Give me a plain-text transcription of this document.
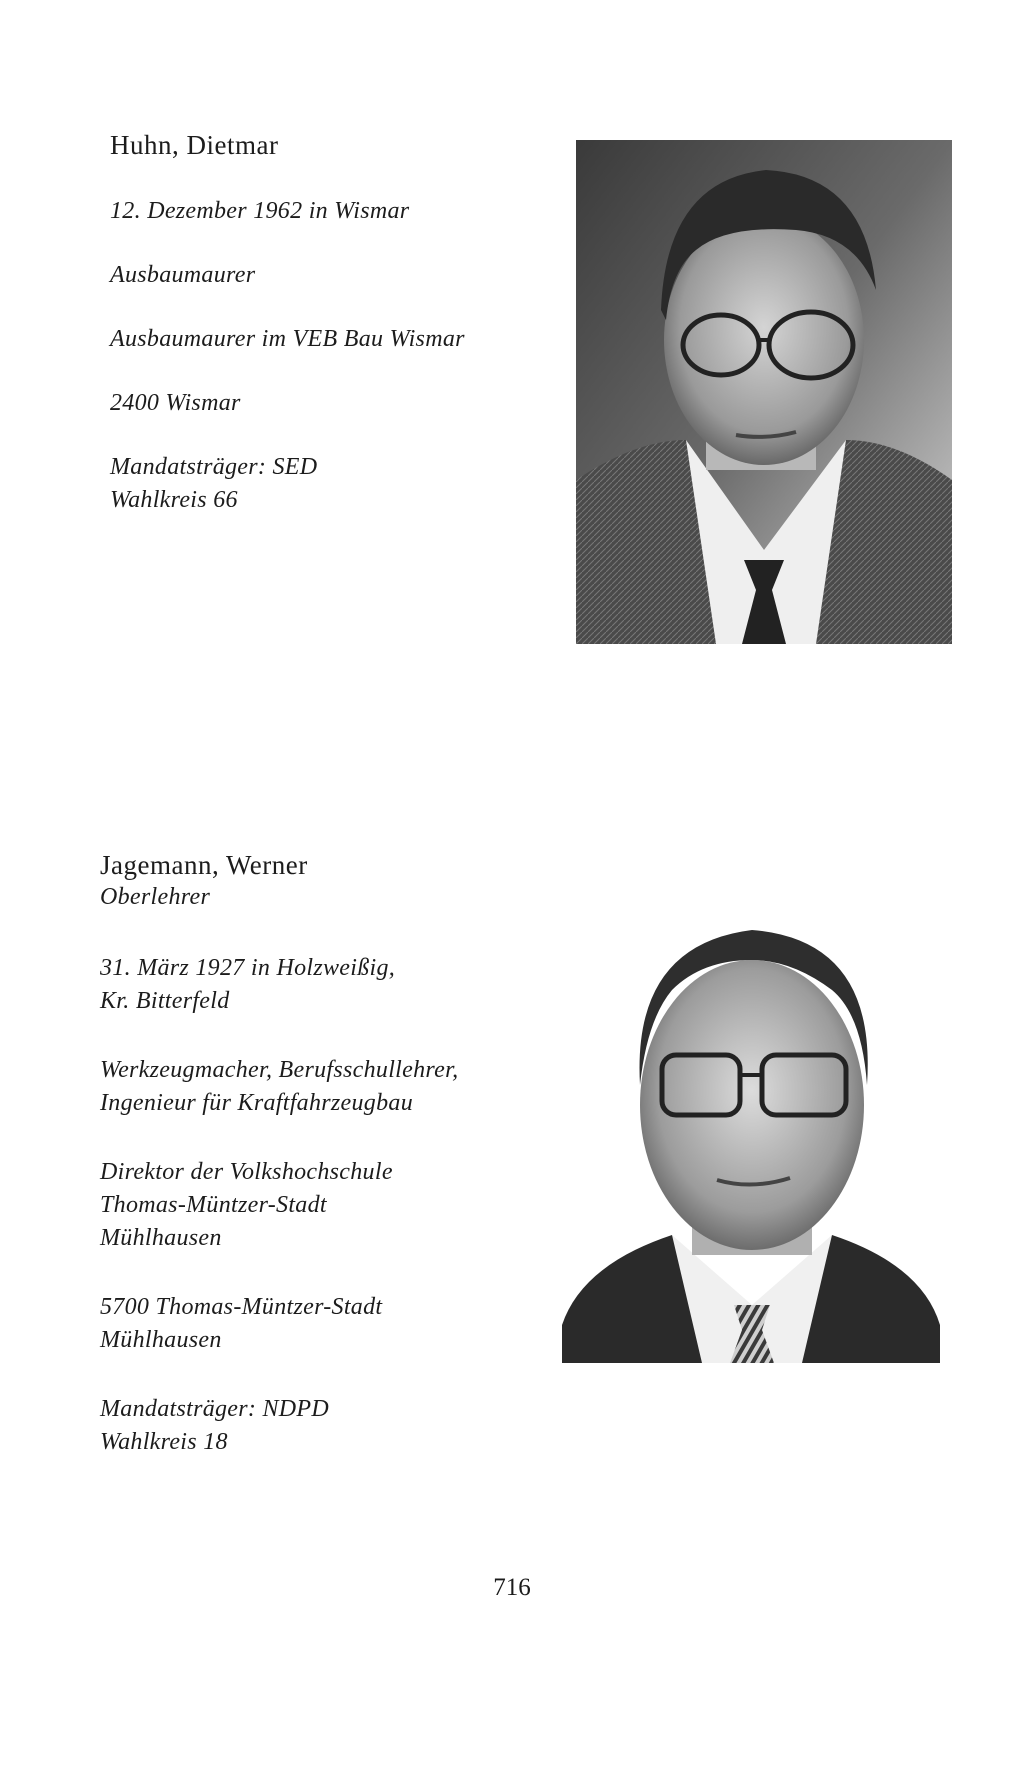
Huhn, Dietmar

12. Dezember 1962 in Wismar

Ausbaumaurer

Ausbaumaurer im VEB Bau Wismar

2400 Wismar

Mandatsträger: SED

Wahlkreis 66

Jagemann, Werner

Oberlehrer

31. März 1927 in Holzweißig,

Kr. Bitterfeld

Werkzeugmacher, Berufsschullehrer,

Ingenieur für Kraftfahrzeugbau

Direktor der Volkshochschule

Thomas-Müntzer-Stadt

Mühlhausen

5700 Thomas-Müntzer-Stadt

Mühlhausen

Mandatsträger: NDPD

Wahlkreis 18

716
